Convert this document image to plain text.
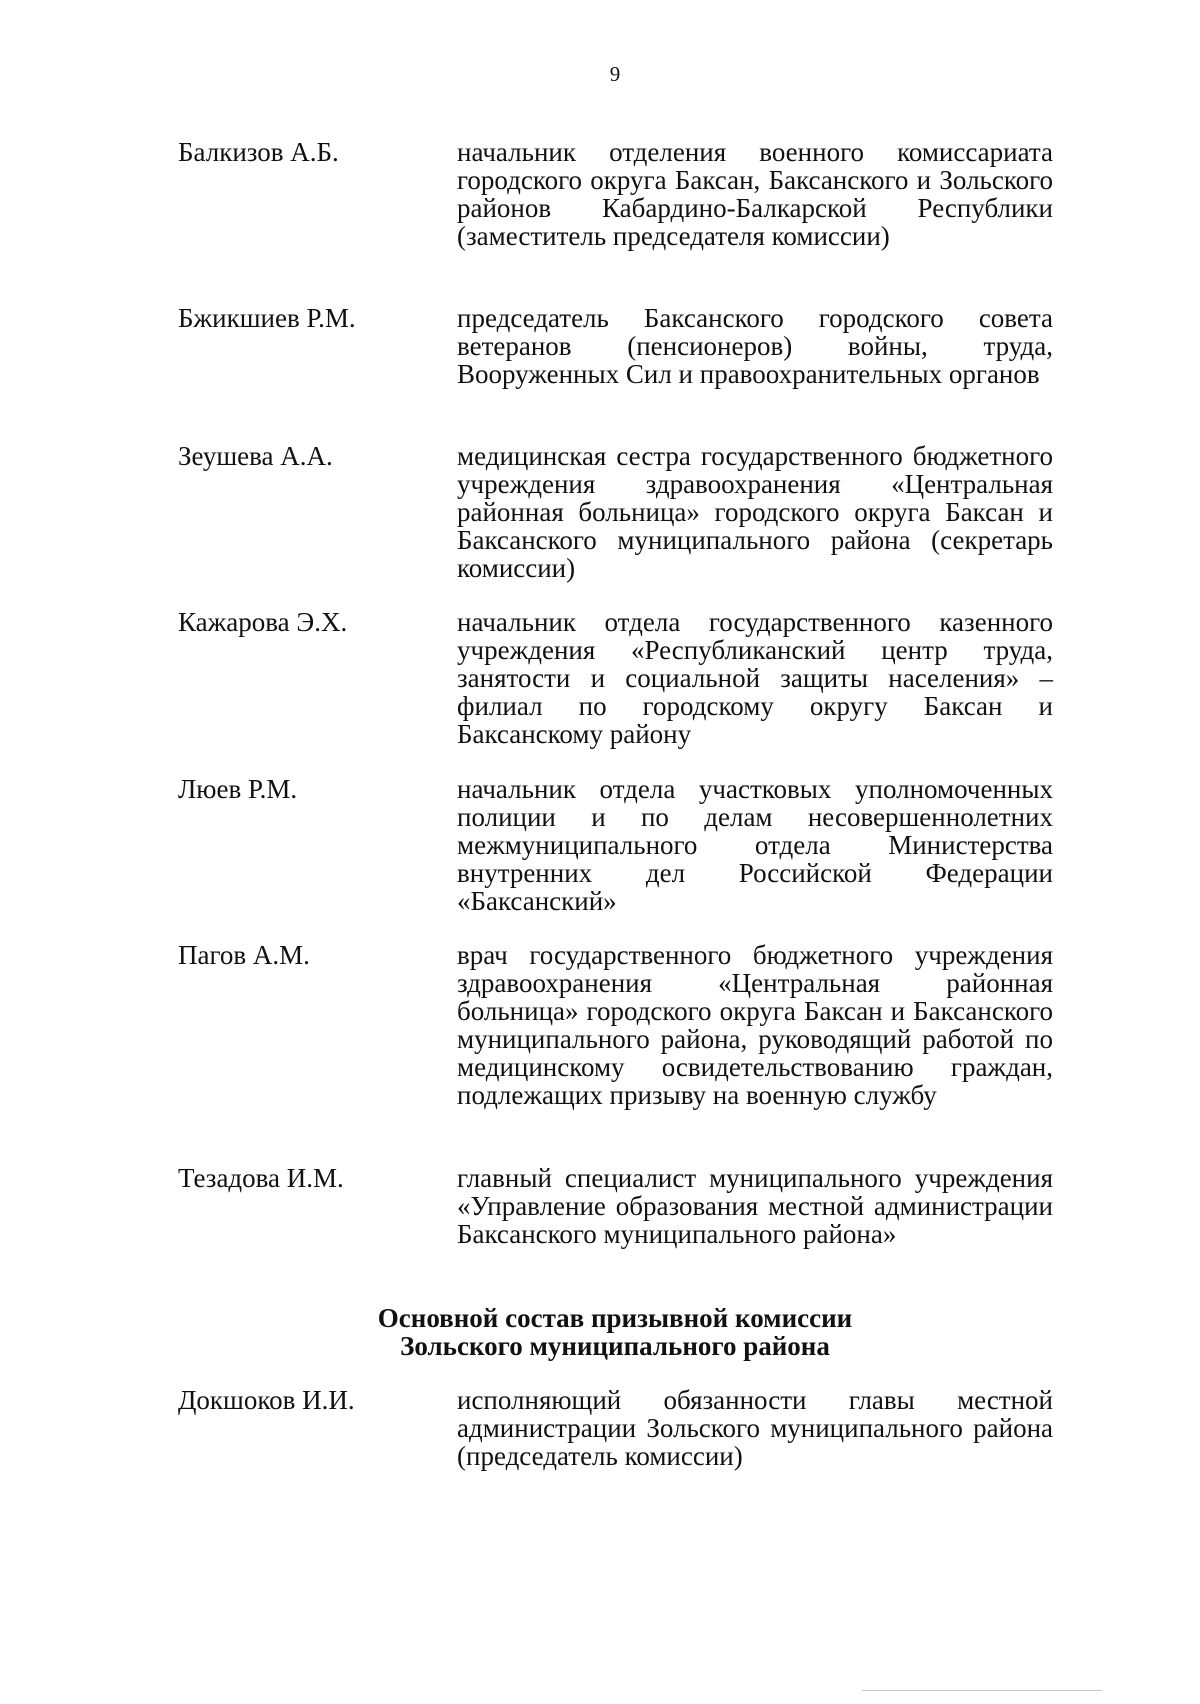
9
Балкизов А.Б.	начальник отделения военного комиссариата городского округа Баксан, Баксанского и Зольского районов Кабардино-Балкарской Республики (заместитель председателя комиссии)
Бжикшиев Р.М.	председатель Баксанского городского совета ветеранов (пенсионеров) войны, труда, Вооруженных Сил и правоохранительных органов
Зеушева А.А.	медицинская сестра государственного бюджетного учреждения здравоохранения «Центральная районная больница» городского округа Баксан и Баксанского муниципального района (секретарь комиссии)
Кажарова Э.Х.	начальник отдела государственного казенного учреждения «Республиканский центр труда, занятости и социальной защиты населения» – филиал по городскому округу Баксан и Баксанскому району
Люев Р.М.	начальник отдела участковых уполномоченных полиции и по делам несовершеннолетних межмуниципального отдела Министерства внутренних дел Российской Федерации «Баксанский»
Пагов А.М.	врач государственного бюджетного учреждения здравоохранения «Центральная районная больница» городского округа Баксан и Баксанского муниципального района, руководящий работой по медицинскому освидетельствованию граждан, подлежащих призыву на военную службу
Тезадова И.М.	главный специалист муниципального учреждения «Управление образования местной администрации Баксанского муниципального района»
Основной состав призывной комиссии
Зольского муниципального района
Докшоков И.И.	исполняющий обязанности главы местной администрации Зольского муниципального района (председатель комиссии)
